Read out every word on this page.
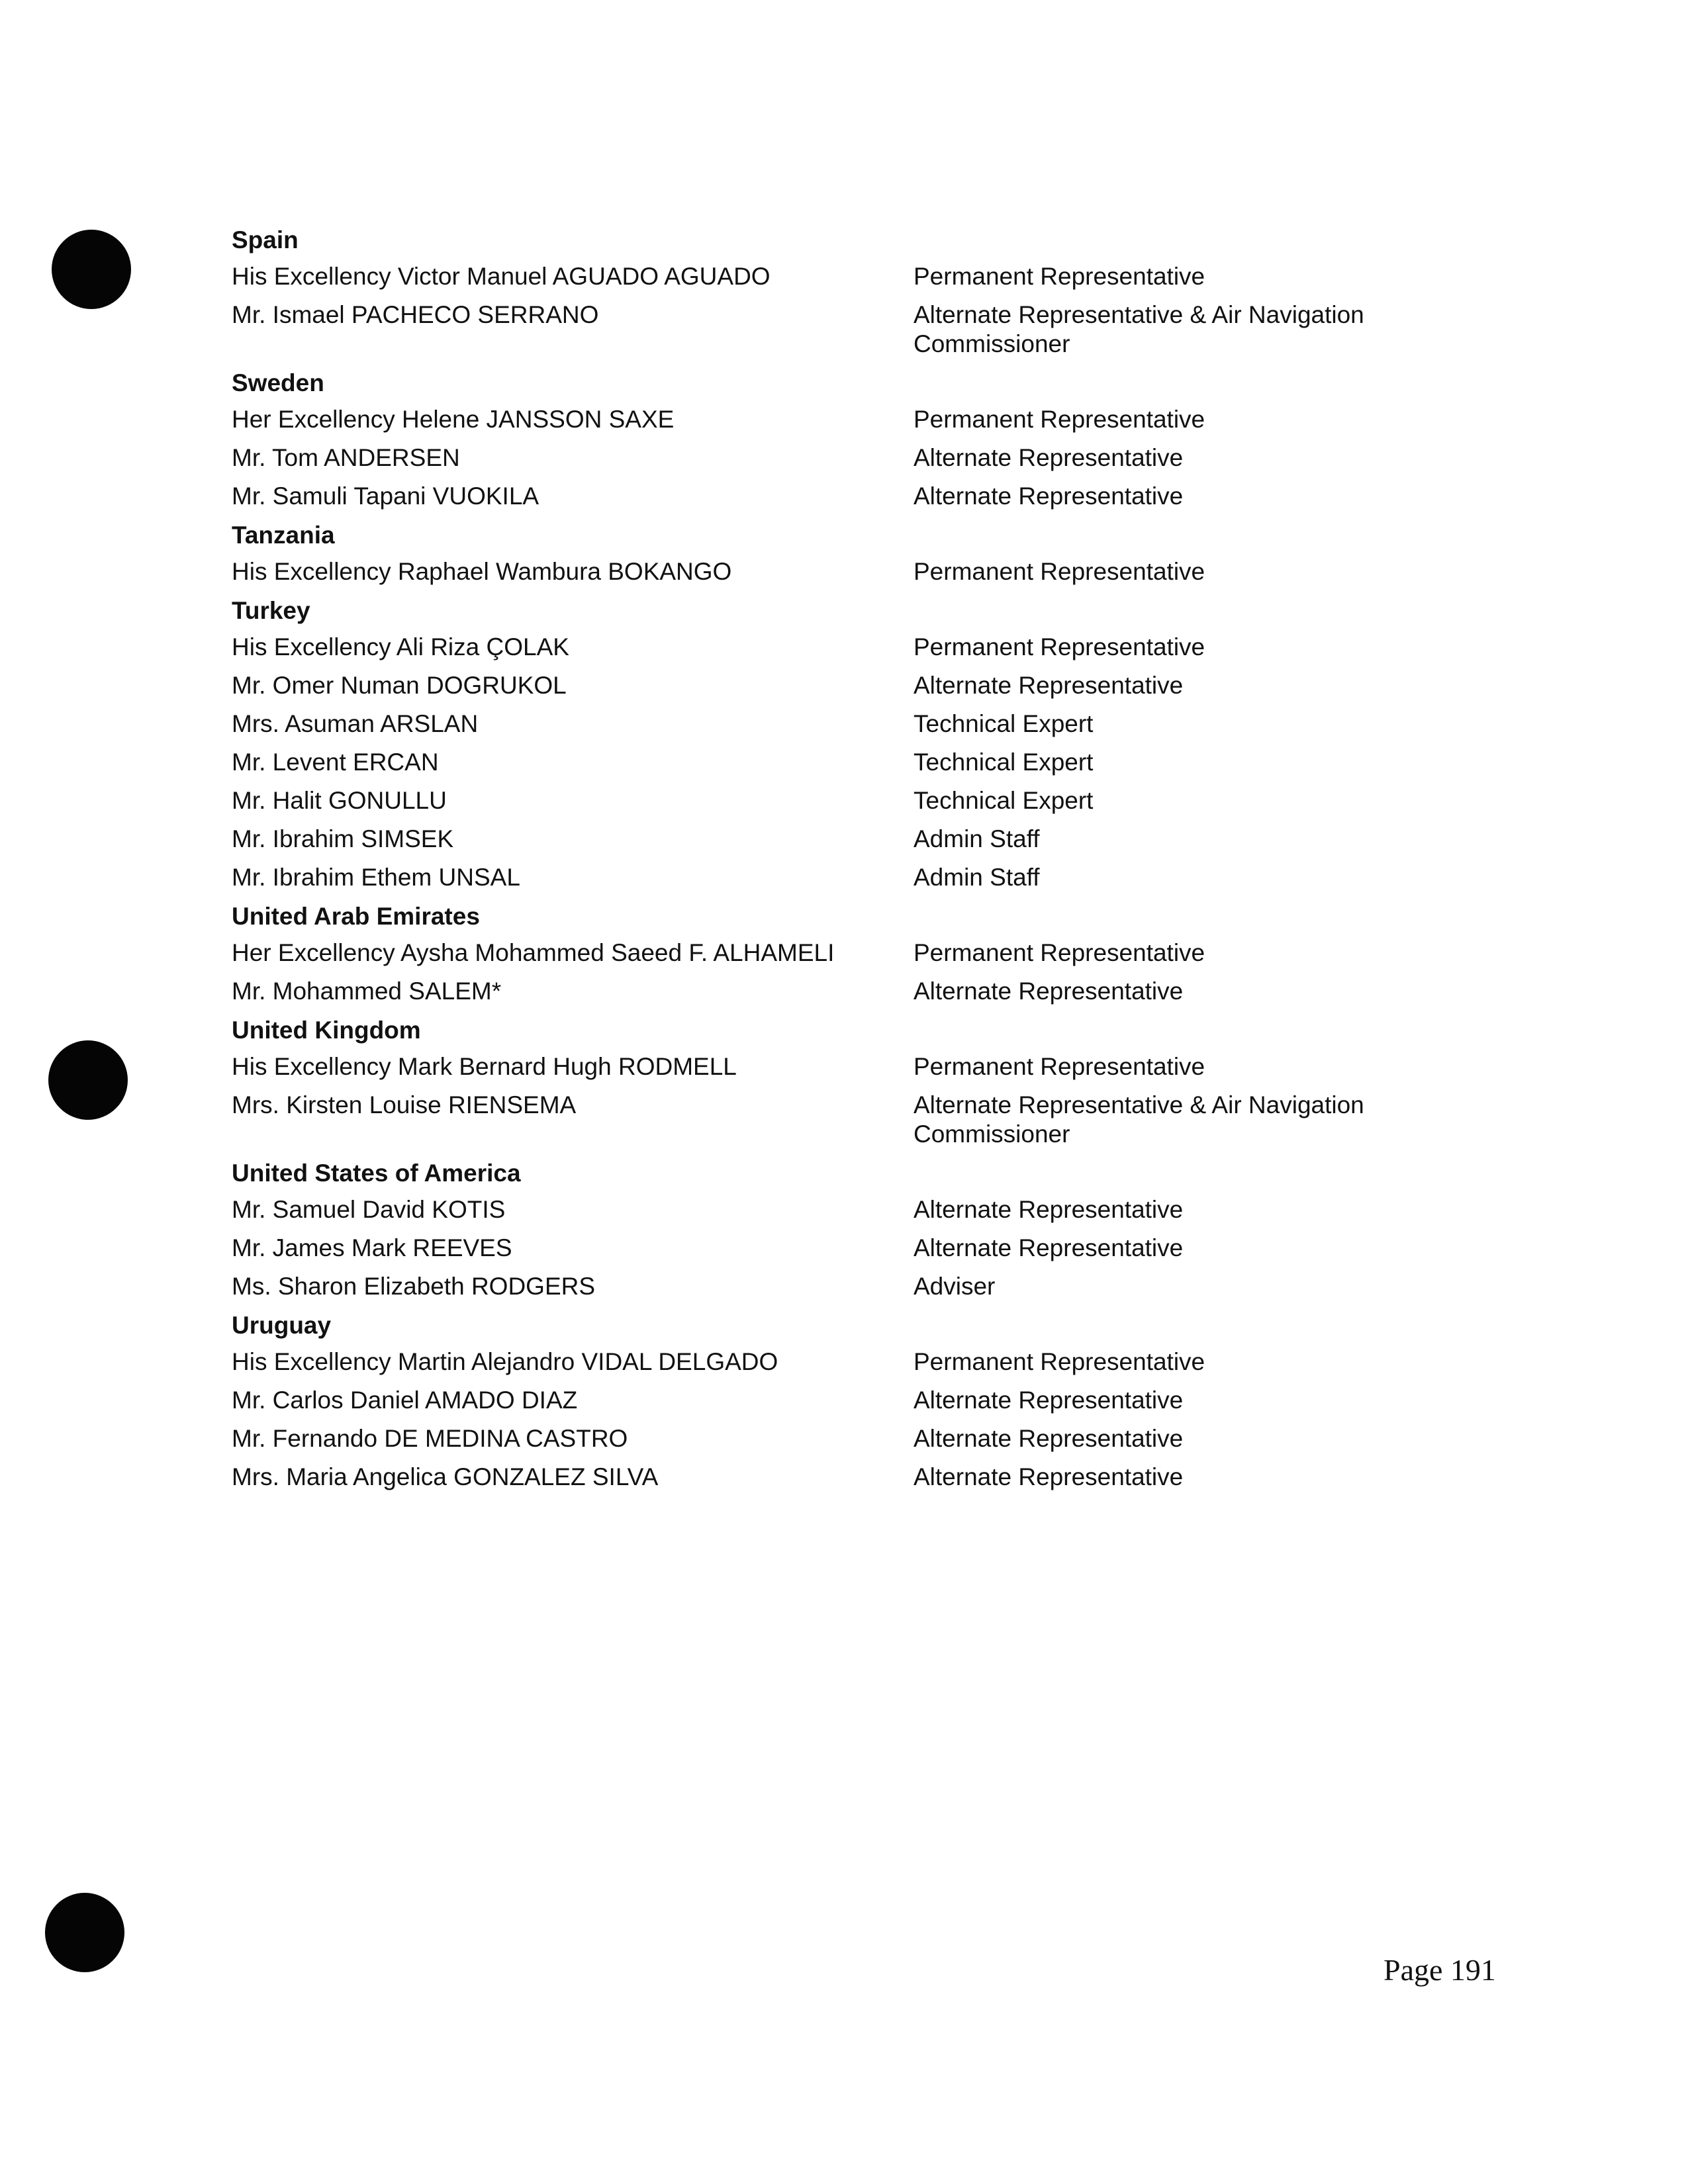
Spain
His Excellency Victor Manuel AGUADO AGUADO	Permanent Representative
Mr. Ismael PACHECO SERRANO	Alternate Representative & Air Navigation
Commissioner
Sweden
Her Excellency Helene JANSSON SAXE	Permanent Representative
Mr. Tom ANDERSEN	Alternate Representative
Mr. Samuli Tapani VUOKILA	Alternate Representative
Tanzania
His Excellency Raphael Wambura BOKANGO	Permanent Representative
Turkey
His Excellency Ali Riza ÇOLAK	Permanent Representative
Mr. Omer Numan DOGRUKOL	Alternate Representative
Mrs. Asuman ARSLAN	Technical Expert
Mr. Levent ERCAN	Technical Expert
Mr. Halit GONULLU	Technical Expert
Mr. Ibrahim SIMSEK	Admin Staff
Mr. Ibrahim Ethem UNSAL	Admin Staff
United Arab Emirates
Her Excellency Aysha Mohammed Saeed F. ALHAMELI	Permanent Representative
Mr. Mohammed SALEM*	Alternate Representative
United Kingdom
His Excellency Mark Bernard Hugh RODMELL	Permanent Representative
Mrs. Kirsten Louise RIENSEMA	Alternate Representative & Air Navigation
Commissioner
United States of America
Mr. Samuel David KOTIS	Alternate Representative
Mr. James Mark REEVES	Alternate Representative
Ms. Sharon Elizabeth RODGERS	Adviser
Uruguay
His Excellency Martin Alejandro VIDAL DELGADO	Permanent Representative
Mr. Carlos Daniel AMADO DIAZ	Alternate Representative
Mr. Fernando DE MEDINA CASTRO	Alternate Representative
Mrs. Maria Angelica GONZALEZ SILVA	Alternate Representative
Page 191
